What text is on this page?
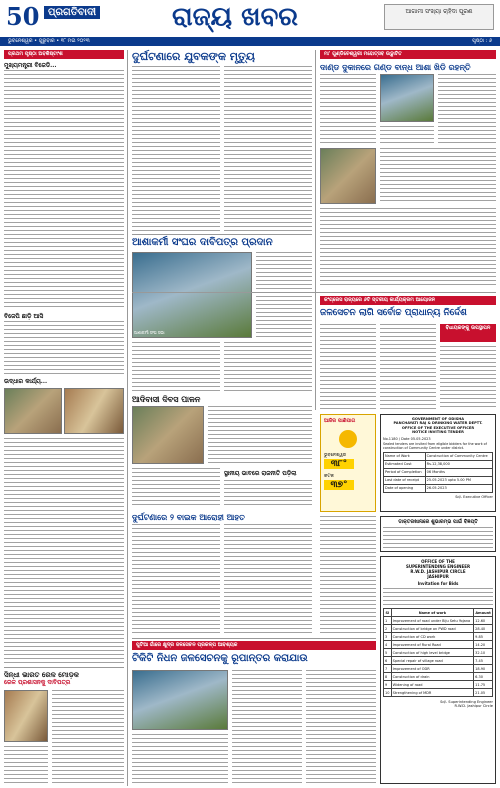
50 ପ୍ରଗତିବାଦୀ	ରାଜ୍ୟ ଖବର	ଆଗାମୀ ସଂଖ୍ୟା ଚାହିଦା ପୂରଣ
ଭୁବନେଶ୍ୱର • ଗୁରୁବାର • ୧୮ ମଇ ୨୦୨୩	ପୃଷ୍ଠା : ୬
ପ୍ରଥମ ପୃଷ୍ଠା ଅବଶିଷ୍ଟାଂଶ
ମୁଖ୍ୟମନ୍ତ୍ରୀ ବିଜେଡି...
ବିଜେପି ଛାଡ଼ି ଆସି
ଉଦ୍ଧାର କାର୍ଯ୍ୟ...
ସିନ୍ଧୀ ଭାରତ ରେଳ ମୋଡ଼କ
ରେଳ ପ୍ରଶାସନକୁ ଦାବିପତ୍ର
ଦୁର୍ଘଟଣାରେ ଯୁବକଙ୍କ ମୃତ୍ୟୁ
ଆଶାକର୍ମୀ ସଂଘର ଦାବିପତ୍ର ପ୍ରଦାନ
ଆଶାକର୍ମୀ ସଂଘ ସଭା
ଆଦିବାସୀ ଦିବସ ପାଳନ
ସ୍ଥାନୀୟ ଭାବରେ ରାଜନୀତି ପଡ଼ିଲା
ଦୁର୍ଘଟଣାରେ ୨ ବାଇକ ଆରୋହୀ ଆହତ
ମା' ଗୁଣ୍ଡିଚେଶ୍ୱରୀ ମହୋତ୍ସବ ଉଦ୍ଘାଟିତ
ଦାଣ୍ଡ ଦୁକାନରେ ଗଣ୍ଡ ବାନ୍ଧ ଆଶା ଖିଡି ରହନ୍ତି
କଂଗ୍ରେସ ରାଜ୍ୟରେ ୬ଟି ସ୍ତରୀୟ କାର୍ଯ୍ୟକ୍ରମ ଆୟୋଜନ
ଜଳସେଚନ ଲାଗି ସର୍ବୋଚ୍ଚ ପ୍ରାଧାନ୍ୟ ନିର୍ଦ୍ଦେଶ
ବିଧାୟକଙ୍କୁ ଉପସ୍ଥାପନ
GOVERNMENT OF ODISHA
PANCHAYATI RAJ & DRINKING WATER DEPTT.
OFFICE OF THE EXECUTIVE OFFICER
NOTICE INVITING TENDER
No.1180 / Date 05.05.2023
Sealed tenders are invited from eligible bidders for the work of construction of Community Centre under district.
Name of Work	Construction of Community Centre
Estimated Cost	Rs.12,38,000
Period of Completion	06 Months
Last date of receipt	25.05.2023 upto 5.00 PM
Date of opening	26.05.2023
Sd/- Executive Officer
ଆଜିର ପାଣିପାଗ
ଭୁବନେଶ୍ୱର
୩୮°
କଟକ
୩୭°
ଡାକ୍ତରଖାନାରେ ଶୁଭାରମ୍ଭ ପାଇଁ ବିଜ୍ଞପ୍ତି
OFFICE OF THE
SUPERINTENDING ENGINEER
R.W.D. JASHIPUR CIRCLE
JASHIPUR
Invitation for Bids
Sl	Name of work	Amount
1	Improvement of road under Biju Setu Yojana	12.60
2	Construction of bridge on PWD road	28.40
3	Construction of CD work	9.85
4	Improvement of Rural Road	14.20
5	Construction of high level bridge	32.10
6	Special repair of village road	7.45
7	Improvement of ODR	18.90
8	Construction of drain	6.30
9	Widening of road	11.75
10	Strengthening of MDR	21.05
Sd/- Superintending Engineer
R.W.D. Jashipur Circle
ପୁଟିଆ ଗାଁରେ କ୍ଷୁଦ୍ର ଜଳସେଚନ ପ୍ରକଳ୍ପ ଆବଶ୍ୟକ
ଟିକିଟି ନିଧନ ଜଳସେଚନକୁ ରୂପାନ୍ତର କରାଯାଉ
